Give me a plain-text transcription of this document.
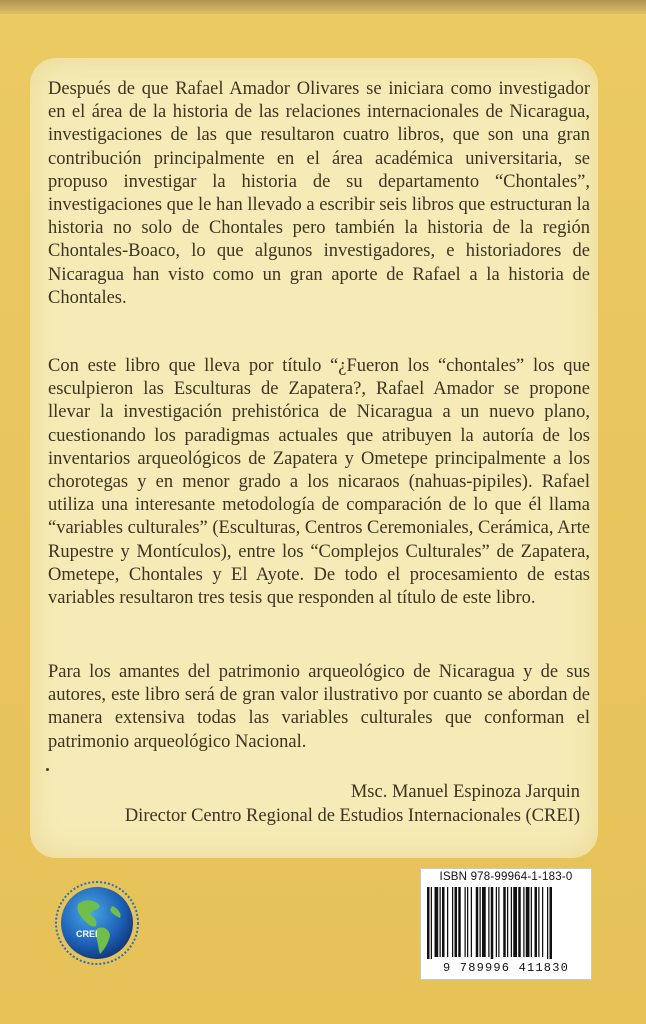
Después de que Rafael Amador Olivares se iniciara como investigador en el área de la historia de las relaciones internacionales de Nicaragua, investigaciones de las que resultaron cuatro libros, que son una gran contribución principalmente en el área académica universitaria, se propuso investigar la historia de su departamento “Chontales”, investigaciones que le han llevado a escribir seis libros que estructuran la historia no solo de Chontales pero también la historia de la región Chontales-Boaco, lo que algunos investigadores, e historiadores de Nicaragua han visto como un gran aporte de Rafael a la historia de Chontales.

Con este libro que lleva por título “¿Fueron los “chontales” los que esculpieron las Esculturas de Zapatera?, Rafael Amador se propone llevar la investigación prehistórica de Nicaragua a un nuevo plano, cuestionando los paradigmas actuales que atribuyen la autoría de los inventarios arqueológicos de Zapatera y Ometepe principalmente a los chorotegas y en menor grado a los nicaraos (nahuas-pipiles). Rafael utiliza una interesante metodología de comparación de lo que él llama “variables culturales” (Esculturas, Centros Ceremoniales, Cerámica, Arte Rupestre y Montículos), entre los “Complejos Culturales” de Zapatera, Ometepe, Chontales y El Ayote. De todo el procesamiento de estas variables resultaron tres tesis que responden al título de este libro.

Para los amantes del patrimonio arqueológico de Nicaragua y de sus autores, este libro será de gran valor ilustrativo por cuanto se abordan de manera extensiva todas las variables culturales que conforman el patrimonio arqueológico Nacional.

Msc. Manuel Espinoza Jarquin
Director Centro Regional de Estudios Internacionales (CREI)
CREI
ISBN 978-99964-1-183-0
9 789996 411830
